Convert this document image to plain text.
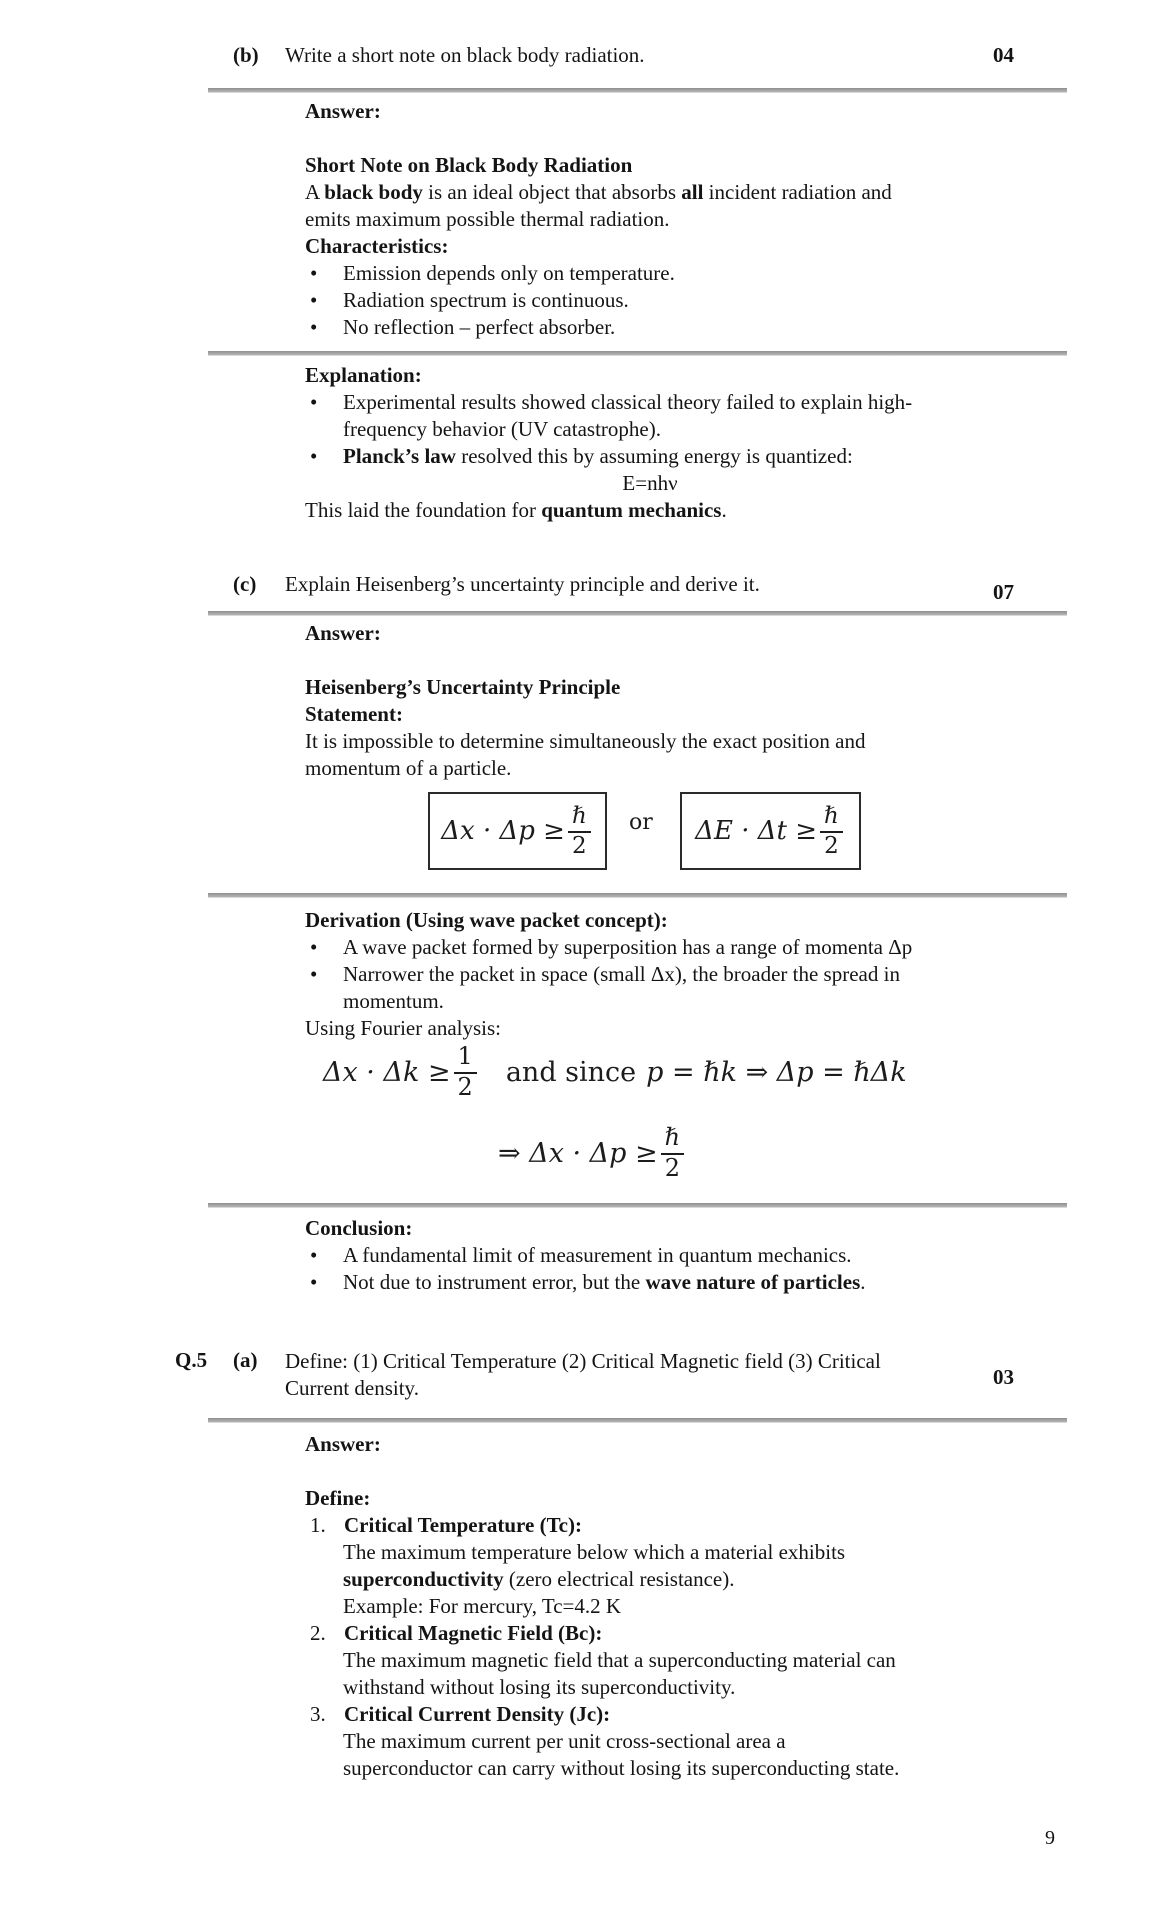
(b) Write a short note on black body radiation.	04
Answer:
Short Note on Black Body Radiation
A black body is an ideal object that absorbs all incident radiation and
emits maximum possible thermal radiation.
Characteristics:
• Emission depends only on temperature.
• Radiation spectrum is continuous.
• No reflection – perfect absorber.
Explanation:
• Experimental results showed classical theory failed to explain high-
frequency behavior (UV catastrophe).
• Planck’s law resolved this by assuming energy is quantized:
E=nhν
This laid the foundation for quantum mechanics.
(c) Explain Heisenberg’s uncertainty principle and derive it.	07
Answer:
Heisenberg’s Uncertainty Principle
Statement:
It is impossible to determine simultaneously the exact position and
momentum of a particle.
$\Delta x \cdot \Delta p \ge \frac{\text{ℏ}}{2}$ or $\Delta E \cdot \Delta t \ge \frac{\text{ℏ}}{2}$
Derivation (Using wave packet concept):
• A wave packet formed by superposition has a range of momenta Δp
• Narrower the packet in space (small Δx), the broader the spread in
momentum.
Using Fourier analysis:
$\Delta x \cdot \Delta k \ge \frac{1}{2}$ and since p = ℏk ⇒ Δp = ℏΔk
⇒ $\Delta x \cdot \Delta p \ge \frac{\text{ℏ}}{2}$
Conclusion:
• A fundamental limit of measurement in quantum mechanics.
• Not due to instrument error, but the wave nature of particles.
Q.5 (a) Define: (1) Critical Temperature (2) Critical Magnetic field (3) Critical
Current density.	03
Answer:
Define:
1. Critical Temperature (Tc):
The maximum temperature below which a material exhibits
superconductivity (zero electrical resistance).
Example: For mercury, Tc=4.2 K
2. Critical Magnetic Field (Bc):
The maximum magnetic field that a superconducting material can
withstand without losing its superconductivity.
3. Critical Current Density (Jc):
The maximum current per unit cross-sectional area a
superconductor can carry without losing its superconducting state.
9
